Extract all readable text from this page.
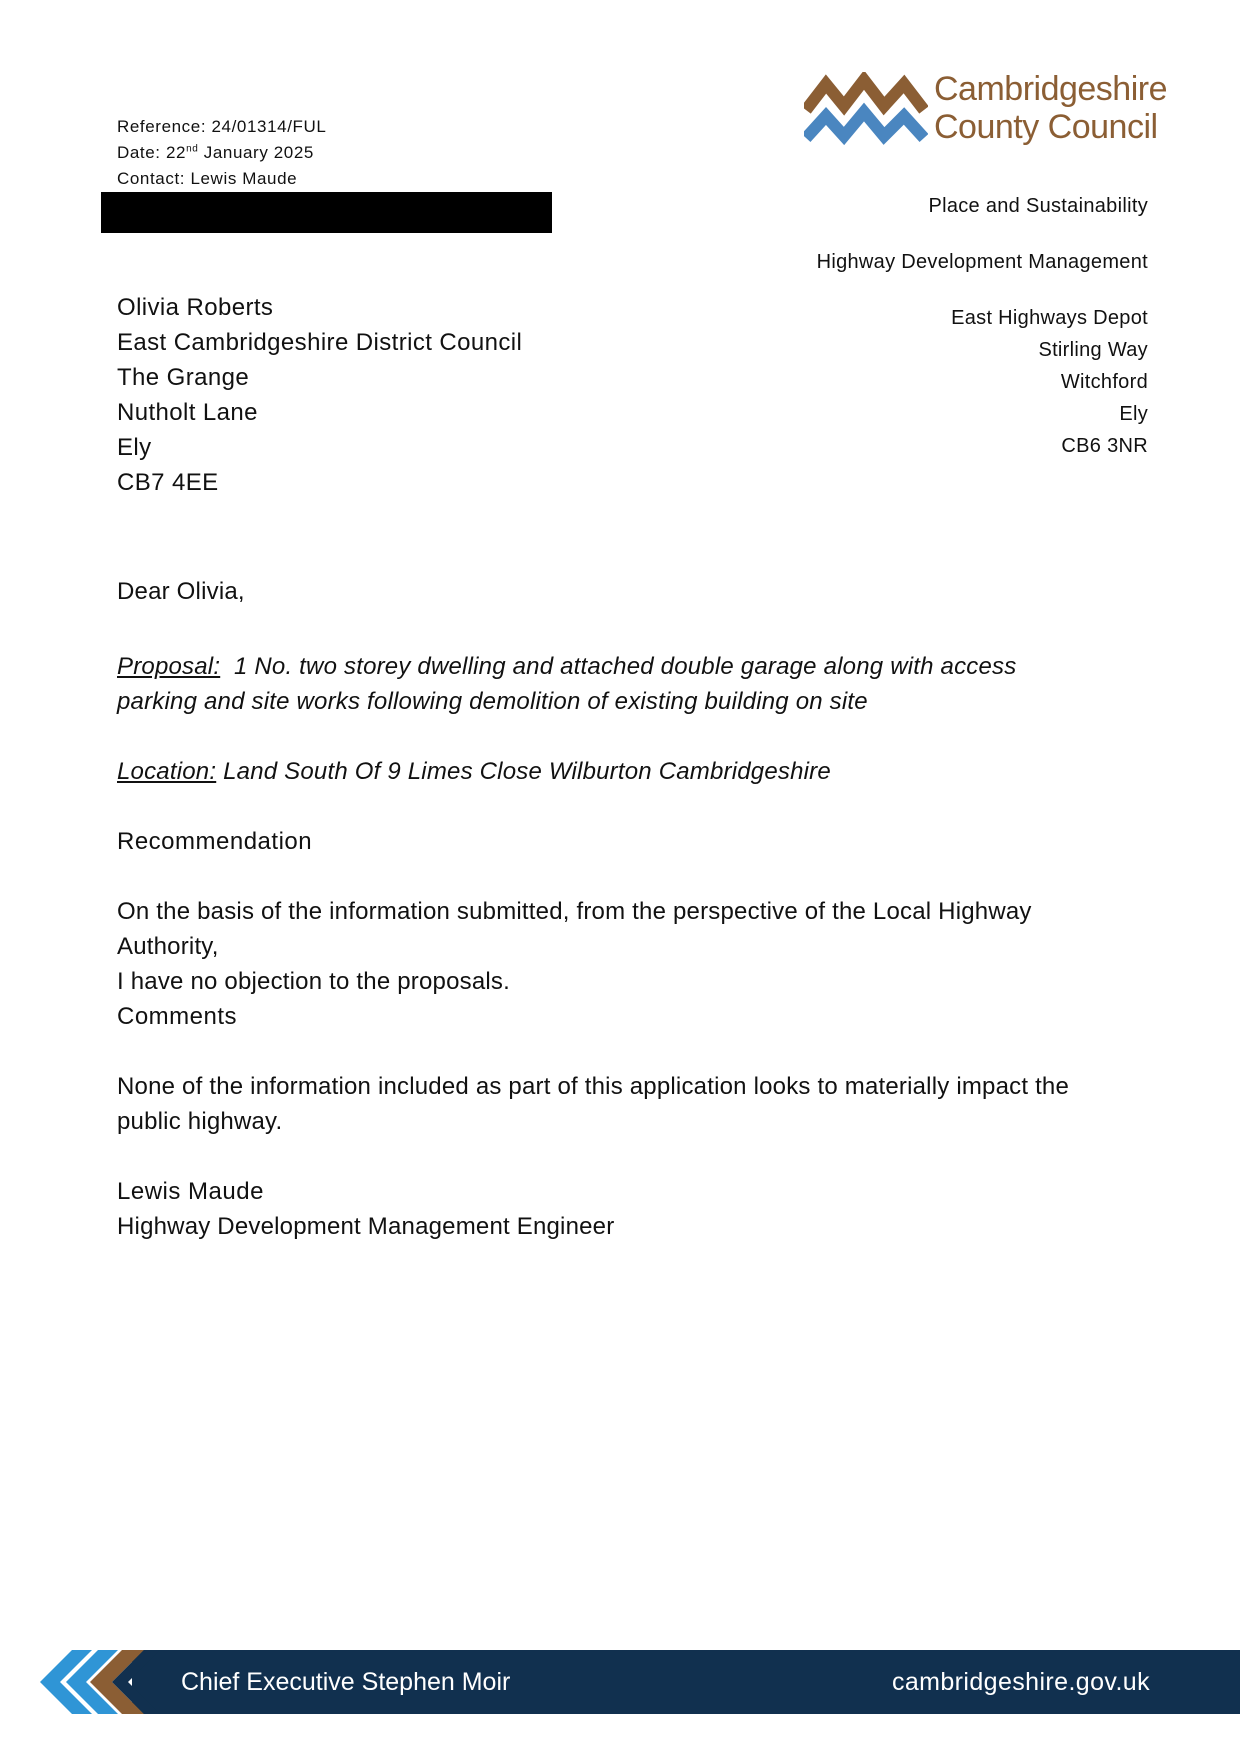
Reference: 24/01314/FUL
Date: 22nd January 2025
Contact: Lewis Maude
Cambridgeshire
County Council
Place and Sustainability
Highway Development Management
East Highways Depot
Stirling Way
Witchford
Ely
CB6 3NR
Olivia Roberts
East Cambridgeshire District Council
The Grange
Nutholt Lane
Ely
CB7 4EE
Dear Olivia,
Proposal: 1 No. two storey dwelling and attached double garage along with access
parking and site works following demolition of existing building on site
Location: Land South Of 9 Limes Close Wilburton Cambridgeshire
Recommendation
On the basis of the information submitted, from the perspective of the Local Highway Authority,
I have no objection to the proposals.
Comments
None of the information included as part of this application looks to materially impact the
public highway.
Lewis Maude
Highway Development Management Engineer
Chief Executive Stephen Moir	cambridgeshire.gov.uk
